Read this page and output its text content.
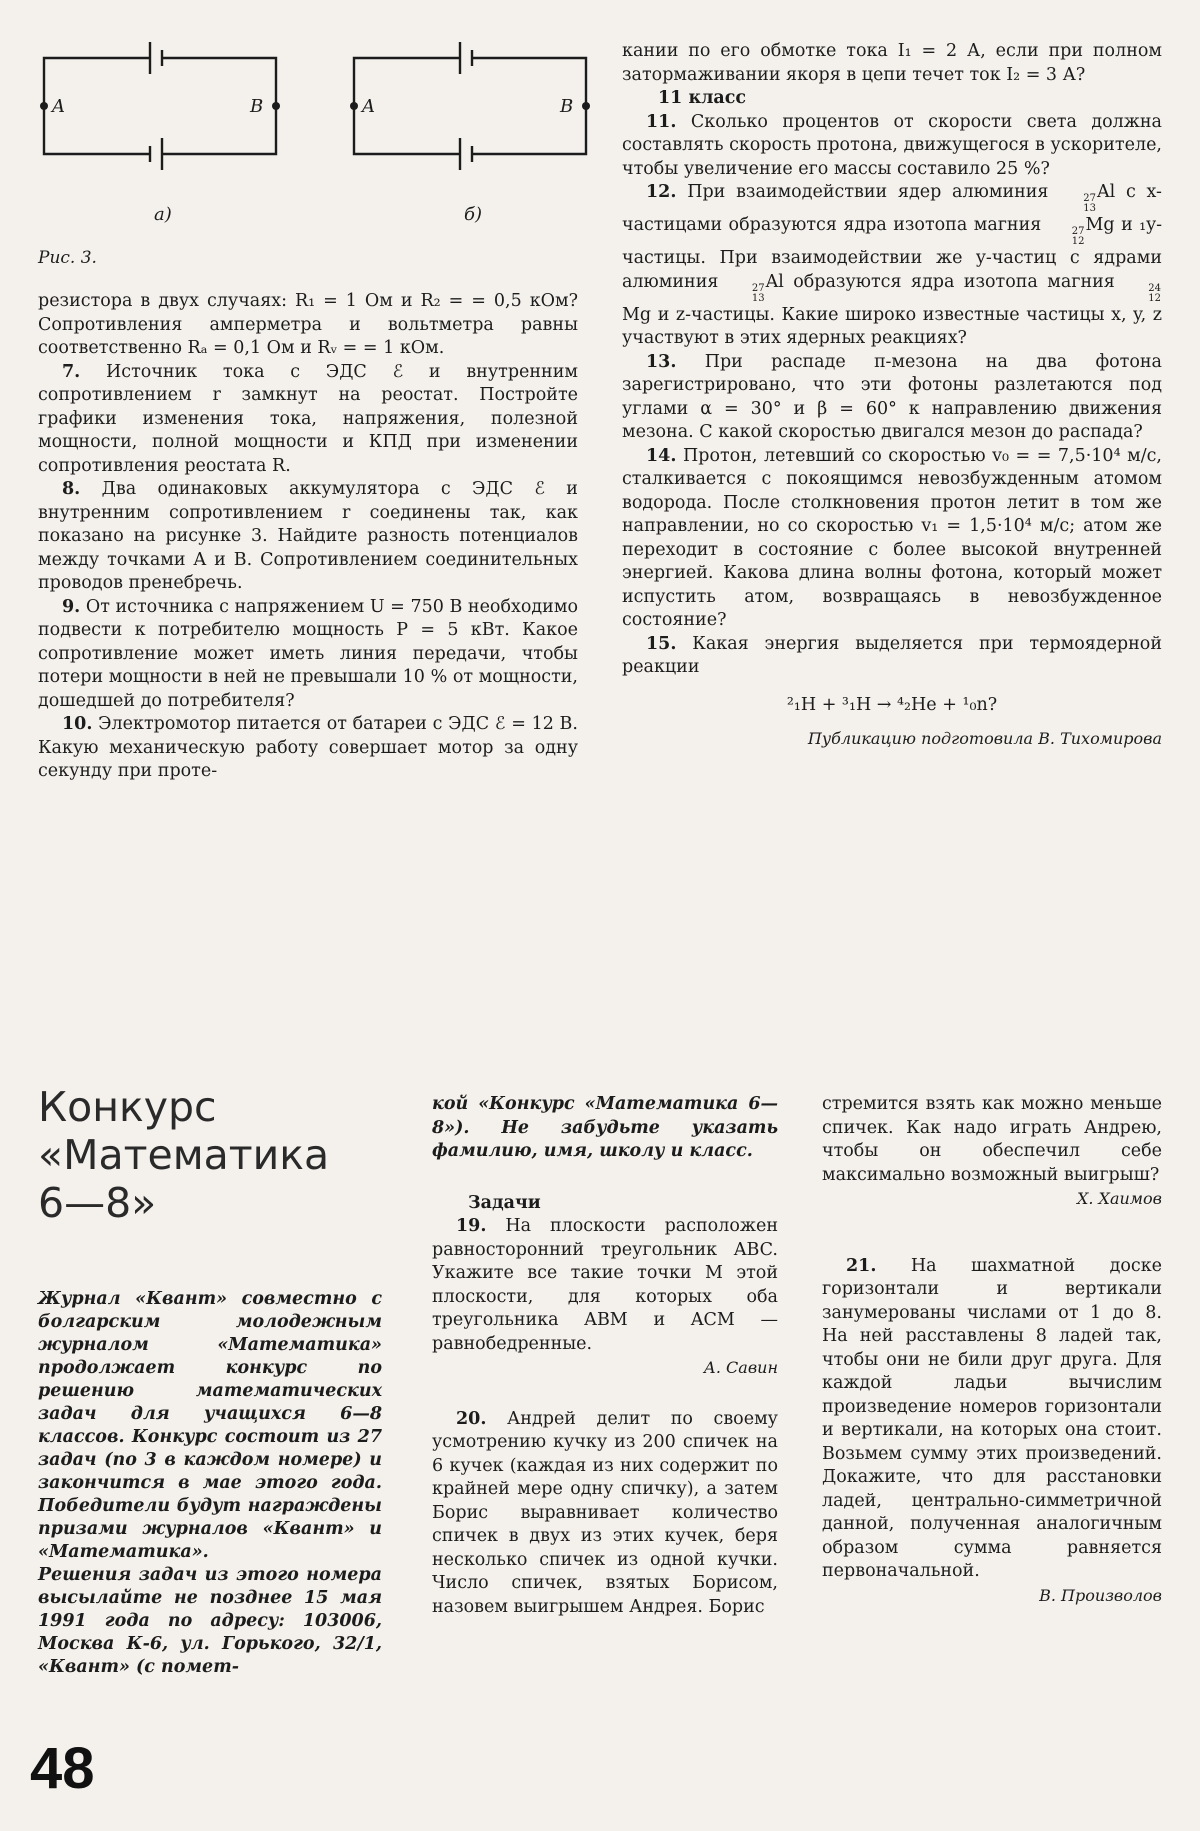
A	B
а)
A	B
б)
Рис. 3.

резистора в двух случаях: R₁ = 1 Ом и R₂ = = 0,5 кОм? Сопротивления амперметра и вольтметра равны соответственно Rₐ = 0,1 Ом и Rᵥ = = 1 кОм.

7. Источник тока с ЭДС ℰ и внутренним сопротивлением r замкнут на реостат. Постройте графики изменения тока, напряжения, полезной мощности, полной мощности и КПД при изменении сопротивления реостата R.

8. Два одинаковых аккумулятора с ЭДС ℰ и внутренним сопротивлением r соединены так, как показано на рисунке 3. Найдите разность потенциалов между точками A и B. Сопротивлением соединительных проводов пренебречь.

9. От источника с напряжением U = 750 В необходимо подвести к потребителю мощность P = 5 кВт. Какое сопротивление может иметь линия передачи, чтобы потери мощности в ней не превышали 10 % от мощности, дошедшей до потребителя?

10. Электромотор питается от батареи с ЭДС ℰ = 12 В. Какую механическую работу совершает мотор за одну секунду при проте-

кании по его обмотке тока I₁ = 2 А, если при полном затормаживании якоря в цепи течет ток I₂ = 3 А?

11 класс

11. Сколько процентов от скорости света должна составлять скорость протона, движущегося в ускорителе, чтобы увеличение его массы составило 25 %?

12. При взаимодействии ядер алюминия	27
13
Al с x-частицами образуются ядра изотопа магния	27
12
Mg и ₁y-частицы. При взаимодействии же y-частиц с ядрами алюминия	27
13
Al образуются ядра изотопа магния	24
12
Mg и z-частицы. Какие широко известные частицы x, y, z участвуют в этих ядерных реакциях?

13. При распаде π-мезона на два фотона зарегистрировано, что эти фотоны разлетаются под углами α = 30° и β = 60° к направлению движения мезона. С какой скоростью двигался мезон до распада?

14. Протон, летевший со скоростью v₀ = = 7,5·10⁴ м/с, сталкивается с покоящимся невозбужденным атомом водорода. После столкновения протон летит в том же направлении, но со скоростью v₁ = 1,5·10⁴ м/с; атом же переходит в состояние с более высокой внутренней энергией. Какова длина волны фотона, который может испустить атом, возвращаясь в невозбужденное состояние?

15. Какая энергия выделяется при термоядерной реакции

²₁H + ³₁H → ⁴₂He + ¹₀n?

Публикацию подготовила В. Тихомирова

Конкурс
«Математика
6—8»

Журнал «Квант» совместно с болгарским молодежным журналом «Математика» продолжает конкурс по решению математических задач для учащихся 6—8 классов. Конкурс состоит из 27 задач (по 3 в каждом номере) и закончится в мае этого года. Победители будут награждены призами журналов «Квант» и «Математика».

Решения задач из этого номера высылайте не позднее 15 мая 1991 года по адресу: 103006, Москва К-6, ул. Горького, 32/1, «Квант» (с помет-

кой «Конкурс «Математика 6—8»). Не забудьте указать фамилию, имя, школу и класс.

Задачи

19. На плоскости расположен равносторонний треугольник ABC. Укажите все такие точки M этой плоскости, для которых оба треугольника ABM и ACM — равнобедренные.

А. Савин

20. Андрей делит по своему усмотрению кучку из 200 спичек на 6 кучек (каждая из них содержит по крайней мере одну спичку), а затем Борис выравнивает количество спичек в двух из этих кучек, беря несколько спичек из одной кучки. Число спичек, взятых Борисом, назовем выигрышем Андрея. Борис

стремится взять как можно меньше спичек. Как надо играть Андрею, чтобы он обеспечил себе максимально возможный выигрыш?

Х. Хаимов

21. На шахматной доске горизонтали и вертикали занумерованы числами от 1 до 8. На ней расставлены 8 ладей так, чтобы они не били друг друга. Для каждой ладьи вычислим произведение номеров горизонтали и вертикали, на которых она стоит. Возьмем сумму этих произведений. Докажите, что для расстановки ладей, центрально-симметричной данной, полученная аналогичным образом сумма равняется первоначальной.

В. Произволов

48
